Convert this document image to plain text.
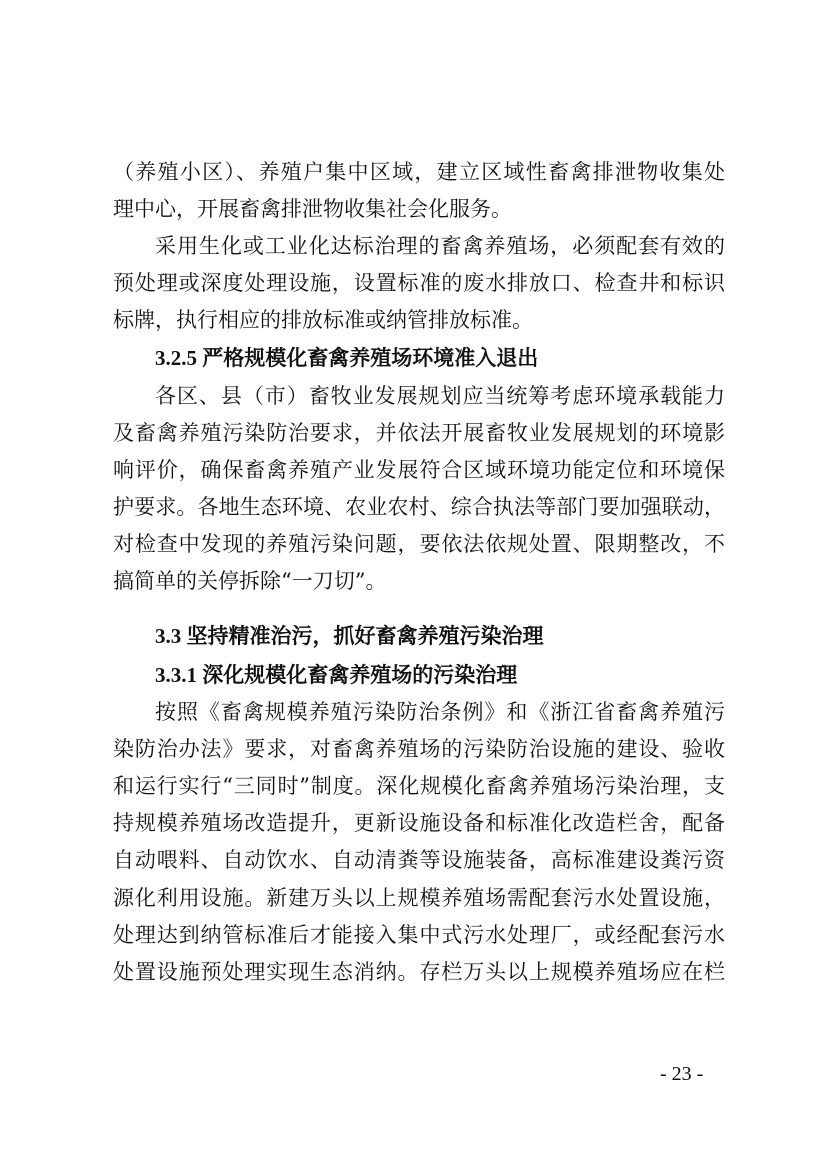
（养殖小区）、养殖户集中区域，建立区域性畜禽排泄物收集处
理中心，开展畜禽排泄物收集社会化服务。
采用生化或工业化达标治理的畜禽养殖场，必须配套有效的
预处理或深度处理设施，设置标准的废水排放口、检查井和标识
标牌，执行相应的排放标准或纳管排放标准。
3.2.5 严格规模化畜禽养殖场环境准入退出
各区、县（市）畜牧业发展规划应当统筹考虑环境承载能力
及畜禽养殖污染防治要求，并依法开展畜牧业发展规划的环境影
响评价，确保畜禽养殖产业发展符合区域环境功能定位和环境保
护要求。各地生态环境、农业农村、综合执法等部门要加强联动，
对检查中发现的养殖污染问题，要依法依规处置、限期整改，不
搞简单的关停拆除“一刀切”。
3.3 坚持精准治污，抓好畜禽养殖污染治理
3.3.1 深化规模化畜禽养殖场的污染治理
按照《畜禽规模养殖污染防治条例》和《浙江省畜禽养殖污
染防治办法》要求，对畜禽养殖场的污染防治设施的建设、验收
和运行实行“三同时”制度。深化规模化畜禽养殖场污染治理，支
持规模养殖场改造提升，更新设施设备和标准化改造栏舍，配备
自动喂料、自动饮水、自动清粪等设施装备，高标准建设粪污资
源化利用设施。新建万头以上规模养殖场需配套污水处置设施，
处理达到纳管标准后才能接入集中式污水处理厂，或经配套污水
处置设施预处理实现生态消纳。存栏万头以上规模养殖场应在栏
- 23 -
